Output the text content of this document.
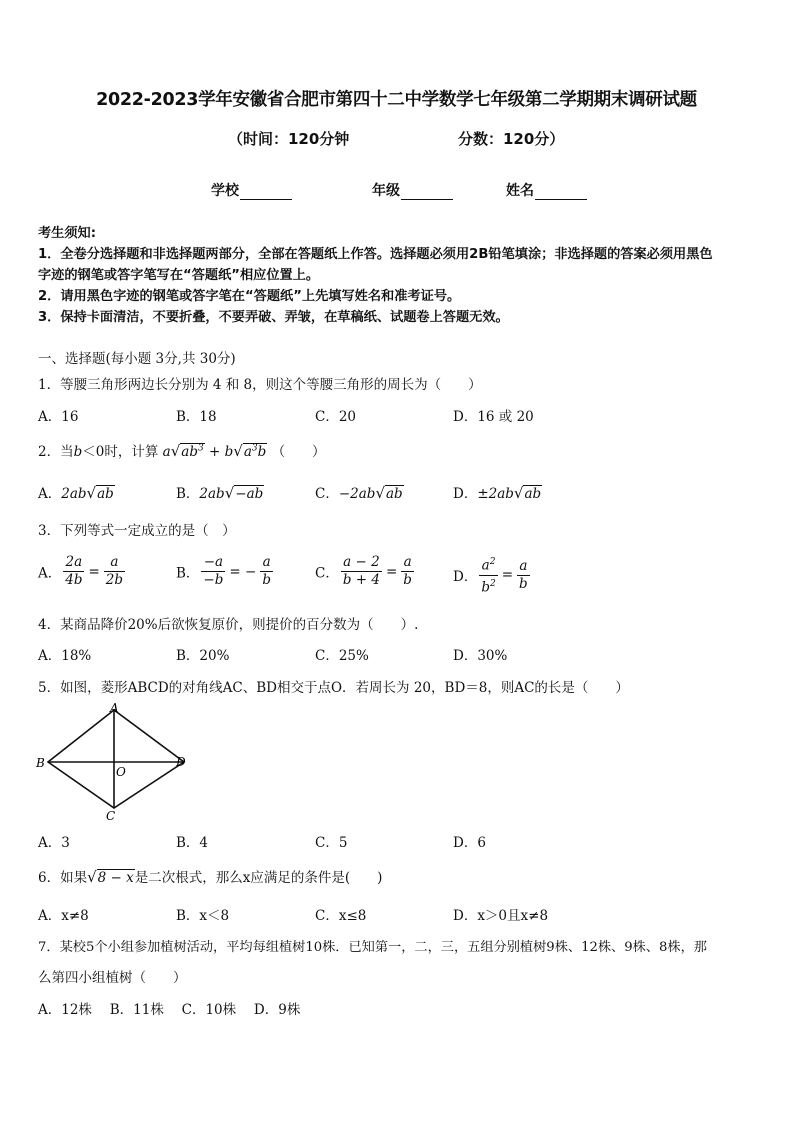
2022-2023学年安徽省合肥市第四十二中学数学七年级第二学期期末调研试题
（时间：120分钟	分数：120分）
学校	年级	姓名
考生须知:
1．全卷分选择题和非选择题两部分，全部在答题纸上作答。选择题必须用2B铅笔填涂；非选择题的答案必须用黑色
字迹的钢笔或答字笔写在“答题纸”相应位置上。
2．请用黑色字迹的钢笔或答字笔在“答题纸”上先填写姓名和准考证号。
3．保持卡面清洁，不要折叠，不要弄破、弄皱，在草稿纸、试题卷上答题无效。
一、选择题(每小题 3分,共 30分)
1．等腰三角形两边长分别为 4 和 8，则这个等腰三角形的周长为（　　）
A．16	B．18	C．20	D．16 或 20
2．当b＜0时，计算 $a√ab^3 + b√a^3b$ （　　）
A．2ab√ab	B．2ab√−ab	C．−2ab√ab	D．±2ab√ab
3．下列等式一定成立的是（　）
A． $\frac{2a}{4b} = \frac{a}{2b}$	B． $\frac{-a}{-b}$ = − $\frac{a}{b}$	C． $\frac{a - 2}{b + 4} = \frac{a}{b}$	D． $\frac{a^2}{b^2} = \frac{a}{b}$
4．某商品降价20%后欲恢复原价，则提价的百分数为（　　）.
A．18%	B．20%	C．25%	D．30%
5．如图，菱形ABCD的对角线AC、BD相交于点O．若周长为 20，BD＝8，则AC的长是（　　）
A
B
C
D
O
A．3	B．4	C．5	D．6
6．如果√8 − x是二次根式，那么x应满足的条件是(　　)
A．x≠8	B．x＜8	C．x≤8	D．x＞0且x≠8
7．某校5个小组参加植树活动，平均每组植树10株．已知第一，二，三，五组分别植树9株、12株、9株、8株，那
么第四小组植树（　　）
A．12株　 B．11株　 C．10株　 D．9株
